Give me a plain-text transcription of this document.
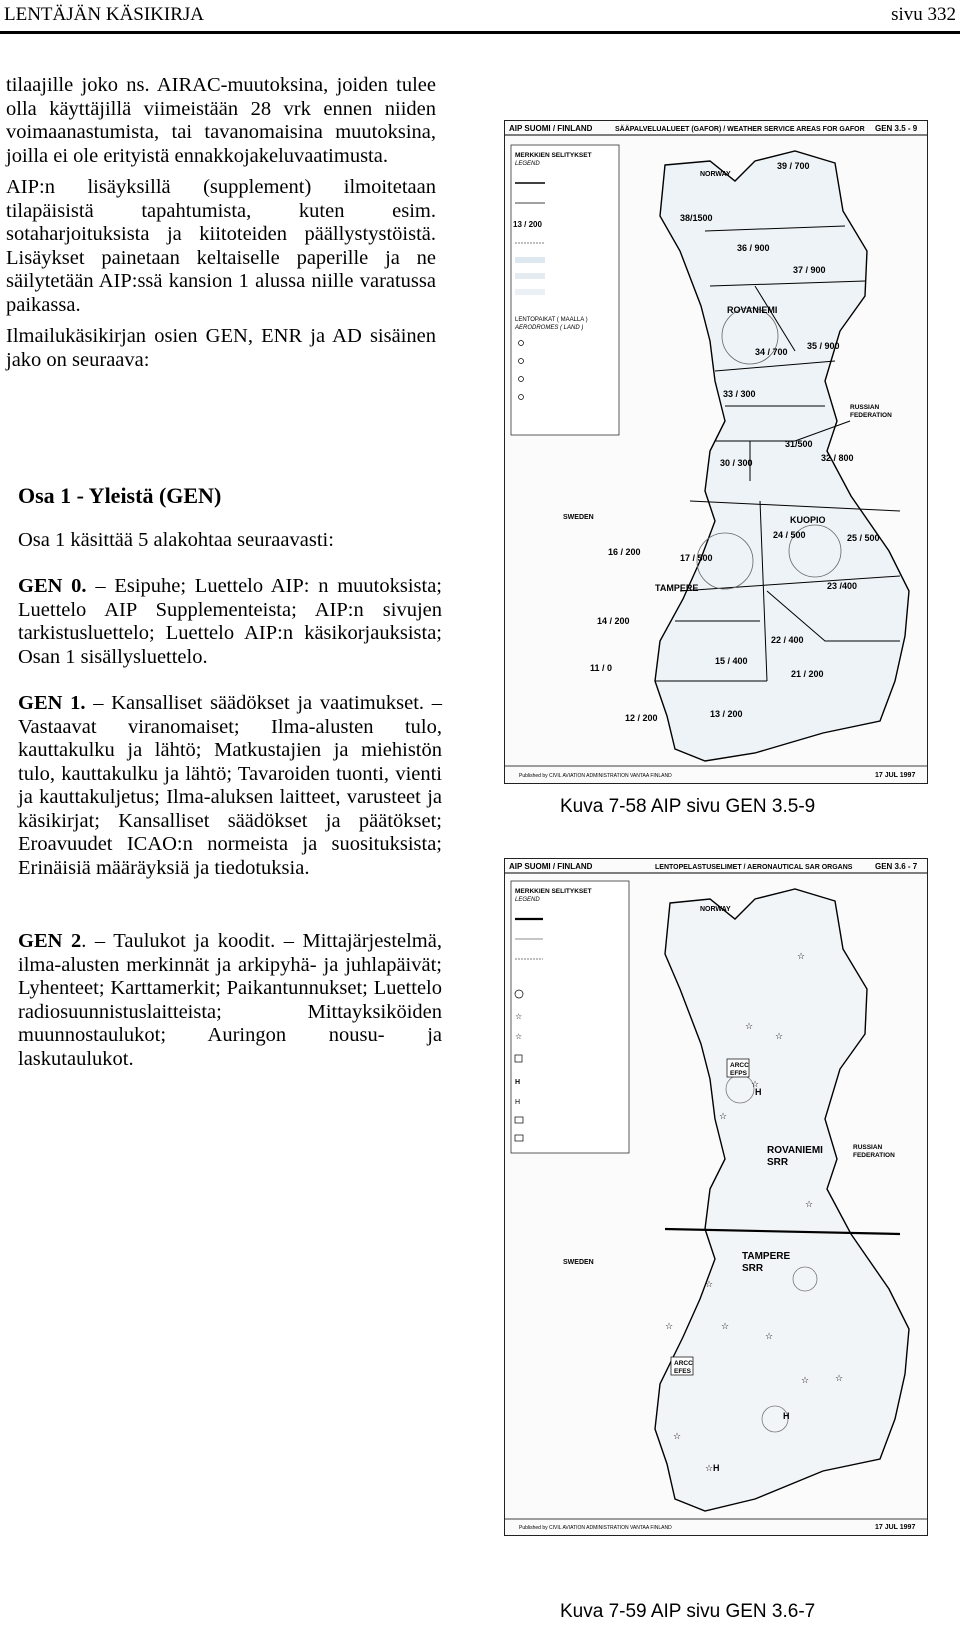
LENTÄJÄN KÄSIKIRJA	sivu 332

tilaajille joko ns. AIRAC-muutoksina, joiden tulee olla käyttäjillä viimeistään 28 vrk ennen niiden voimaanastumista, tai tavanomaisina muutoksina, joilla ei ole erityistä ennakkojakeluvaatimusta.

AIP:n lisäyksillä (supplement) ilmoitetaan tilapäisistä tapahtumista, kuten esim. sotaharjoituksista ja kiitoteiden päällystystöistä. Lisäykset painetaan keltaiselle paperille ja ne säilytetään AIP:ssä kansion 1 alussa niille varatussa paikassa.

Ilmailukäsikirjan osien GEN, ENR ja AD sisäinen jako on seuraava:

Osa 1 - Yleistä (GEN)
Osa 1 käsittää 5 alakohtaa seuraavasti:
GEN 0. – Esipuhe; Luettelo AIP: n muutoksista; Luettelo AIP Supplementeista; AIP:n sivujen tarkistusluettelo; Luettelo AIP:n käsikorjauksista; Osan 1 sisällysluettelo.
GEN 1. – Kansalliset säädökset ja vaatimukset. – Vastaavat viranomaiset; Ilma-alusten tulo, kauttakulku ja lähtö; Matkustajien ja miehistön tulo, kauttakulku ja lähtö; Tavaroiden tuonti, vienti ja kauttakuljetus; Ilma-aluksen laitteet, varusteet ja käsikirjat; Kansalliset säädökset ja päätökset; Eroavuudet ICAO:n normeista ja suosituksista; Erinäisiä määräyksiä ja tiedotuksia.
GEN 2. – Taulukot ja koodit. – Mittajärjestelmä, ilma-alusten merkinnät ja arkipyhä- ja juhlapäivät; Lyhenteet; Karttamerkit; Paikantunnukset; Luettelo radiosuunnistuslaitteista; Mittayksiköiden muunnostaulukot; Auringon nousu- ja laskutaulukot.
AIP SUOMI / FINLAND	SÄÄPALVELUALUEET (GAFOR) / WEATHER SERVICE AREAS FOR GAFOR GEN 3.5 - 9
MERKKIEN SELITYKSET
LEGEND
13 / 200
LENTOPAIKAT ( MAALLA )
AERODROMES ( LAND )
NORWAY
SWEDEN
RUSSIAN
FEDERATION
ROVANIEMI
TAMPERE
KUOPIO
39 / 700
38/1500
36 / 900
37 / 900
35 / 900
34 / 700
33 / 300
31/500
32 / 800
30 / 300
25 / 500
24 / 500
23 /400
22 / 400
21 / 200
17 / 500
16 / 200
15 / 400
14 / 200
13 / 200
12 / 200
11 / 0
Published by CIVIL AVIATION ADMINISTRATION VANTAA FINLAND	17 JUL 1997
Kuva 7-58 AIP sivu GEN 3.5-9
AIP SUOMI / FINLAND	LENTOPELASTUSELIMET / AERONAUTICAL SAR ORGANS	GEN 3.6 - 7
MERKKIEN SELITYKSET
LEGEND
☆
☆
H
H
NORWAY
SWEDEN
RUSSIAN
FEDERATION
ROVANIEMI
SRR
TAMPERE
SRR
ARCC
EFPS
ARCC
EFES
☆
☆
☆
☆
H
☆
☆
☆
☆	☆
☆
☆	☆
H
☆
☆ H
Published by CIVIL AVIATION ADMINISTRATION VANTAA FINLAND	17 JUL 1997
Kuva 7-59 AIP sivu GEN 3.6-7
